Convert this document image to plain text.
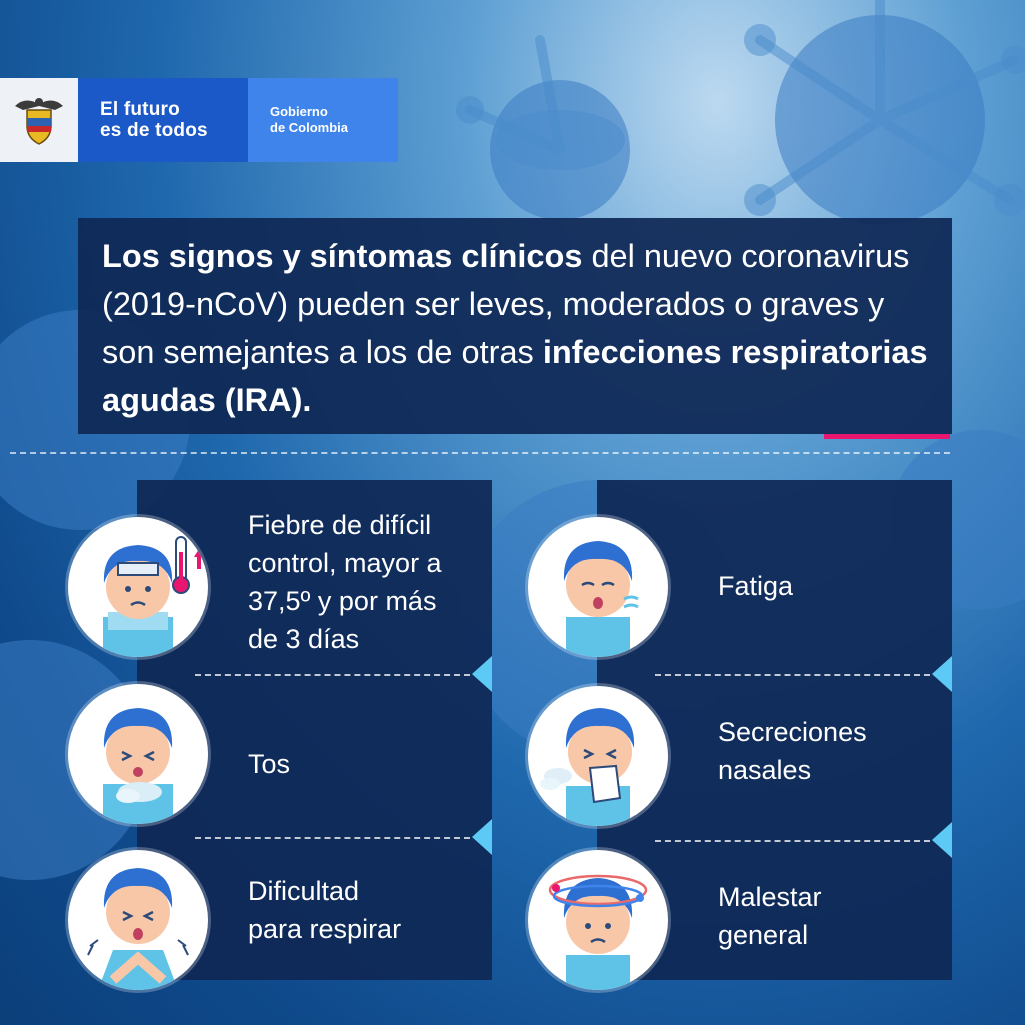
El futuro
es de todos
Gobierno
de Colombia
Los signos y síntomas clínicos del nuevo coronavirus (2019-nCoV) pueden ser leves, moderados o graves y son semejantes a los de otras infecciones respiratorias agudas (IRA).
Fiebre de difícil
control, mayor a
37,5º y por más
de 3 días
Tos
Dificultad
para respirar
Fatiga
Secreciones
nasales
Malestar
general
